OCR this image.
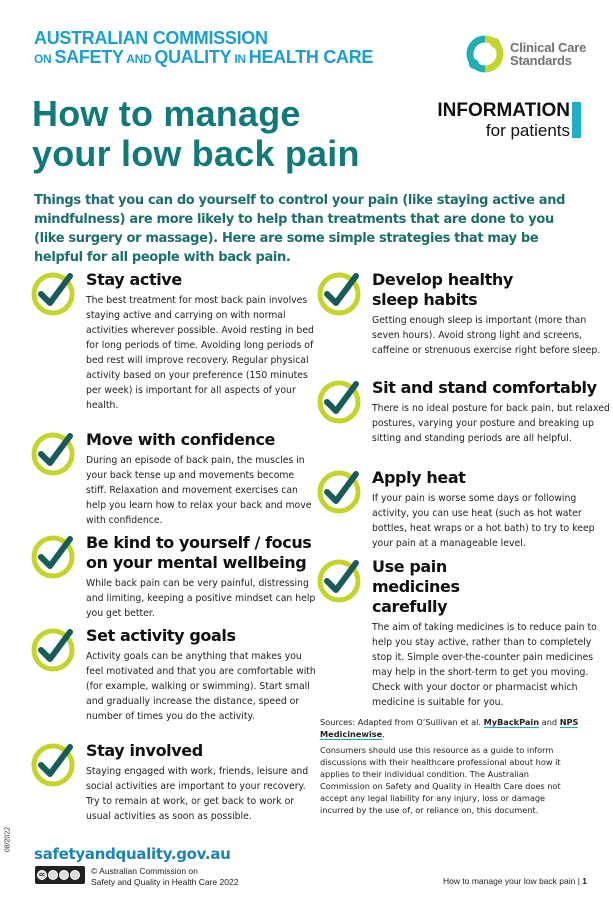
AUSTRALIAN COMMISSION
ON SAFETY AND QUALITY IN HEALTH CARE	Clinical Care
Standards
How to manage
your low back pain
INFORMATION
for patients

Things that you can do yourself to control your pain (like staying active and mindfulness) are more likely to help than treatments that are done to you (like surgery or massage). Here are some simple strategies that may be helpful for all people with back pain.

Stay active

The best treatment for most back pain involves staying active and carrying on with normal activities wherever possible. Avoid resting in bed for long periods of time. Avoiding long periods of bed rest will improve recovery. Regular physical activity based on your preference (150 minutes per week) is important for all aspects of your health.

Move with confidence

During an episode of back pain, the muscles in your back tense up and movements become stiff. Relaxation and movement exercises can help you learn how to relax your back and move with confidence.

Be kind to yourself / focus on your mental wellbeing

While back pain can be very painful, distressing and limiting, keeping a positive mindset can help you get better.

Set activity goals

Activity goals can be anything that makes you feel motivated and that you are comfortable with (for example, walking or swimming). Start small and gradually increase the distance, speed or number of times you do the activity.

Stay involved

Staying engaged with work, friends, leisure and social activities are important to your recovery. Try to remain at work, or get back to work or usual activities as soon as possible.

Develop healthy sleep habits

Getting enough sleep is important (more than seven hours). Avoid strong light and screens, caffeine or strenuous exercise right before sleep.

Sit and stand comfortably

There is no ideal posture for back pain, but relaxed postures, varying your posture and breaking up sitting and standing periods are all helpful.

Apply heat

If your pain is worse some days or following activity, you can use heat (such as hot water bottles, heat wraps or a hot bath) to try to keep your pain at a manageable level.

Use pain medicines carefully

The aim of taking medicines is to reduce pain to help you stay active, rather than to completely stop it. Simple over-the-counter pain medicines may help in the short-term to get you moving. Check with your doctor or pharmacist which medicine is suitable for you.

Sources: Adapted from O’Sullivan et al. MyBackPain and NPS Medicinewise.

Consumers should use this resource as a guide to inform discussions with their healthcare professional about how it applies to their individual condition. The Australian Commission on Safety and Quality in Health Care does not accept any legal liability for any injury, loss or damage incurred by the use of, or reliance on, this document.

08/2022
safetyandquality.gov.au
cc	© Australian Commission on
Safety and Quality in Health Care 2022	How to manage your low back pain | 1
